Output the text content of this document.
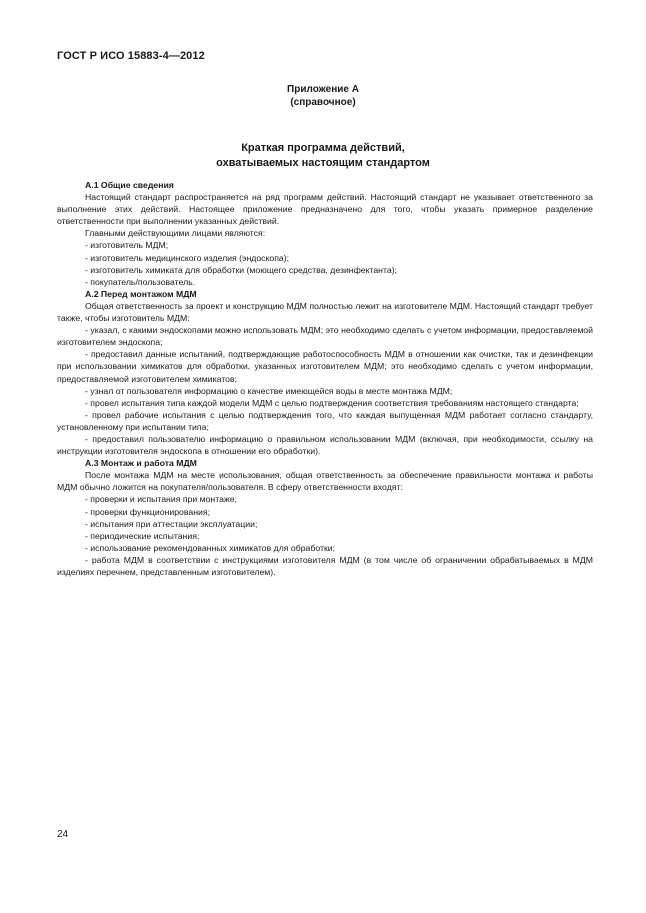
ГОСТ Р ИСО 15883-4—2012
Приложение А
(справочное)
Краткая программа действий,
охватываемых настоящим стандартом

А.1 Общие сведения

Настоящий стандарт распространяется на ряд программ действий. Настоящий стандарт не указывает ответственного за выполнение этих действий. Настоящее приложение предназначено для того, чтобы указать примерное разделение ответственности при выполнении указанных действий.

Главными действующими лицами являются:

- изготовитель МДМ;

- изготовитель медицинского изделия (эндоскопа);

- изготовитель химиката для обработки (моющего средства, дезинфектанта);

- покупатель/пользователь.

А.2 Перед монтажом МДМ

Общая ответственность за проект и конструкцию МДМ полностью лежит на изготовителе МДМ. Настоящий стандарт требует также, чтобы изготовитель МДМ:

- указал, с какими эндоскопами можно использовать МДМ; это необходимо сделать с учетом информации, предоставляемой изготовителем эндоскопа;

- предоставил данные испытаний, подтверждающие работоспособность МДМ в отношении как очистки, так и дезинфекции при использовании химикатов для обработки, указанных изготовителем МДМ; это необходимо сделать с учетом информации, предоставляемой изготовителем химикатов;

- узнал от пользователя информацию о качестве имеющейся воды в месте монтажа МДМ;

- провел испытания типа каждой модели МДМ с целью подтверждения соответствия требованиям настоящего стандарта;

- провел рабочие испытания с целью подтверждения того, что каждая выпущенная МДМ работает согласно стандарту, установленному при испытании типа;

- предоставил пользователю информацию о правильном использовании МДМ (включая, при необходимости, ссылку на инструкции изготовителя эндоскопа в отношении его обработки).

А.3 Монтаж и работа МДМ

После монтажа МДМ на месте использования, общая ответственность за обеспечение правильности монтажа и работы МДМ обычно ложится на покупателя/пользователя. В сферу ответственности входят:

- проверки и испытания при монтаже;

- проверки функционирования;

- испытания при аттестации эксплуатации;

- периодические испытания;

- использование рекомендованных химикатов для обработки;

- работа МДМ в соответствии с инструкциями изготовителя МДМ (в том числе об ограничении обрабатываемых в МДМ изделиях перечнем, представленным изготовителем).

24
